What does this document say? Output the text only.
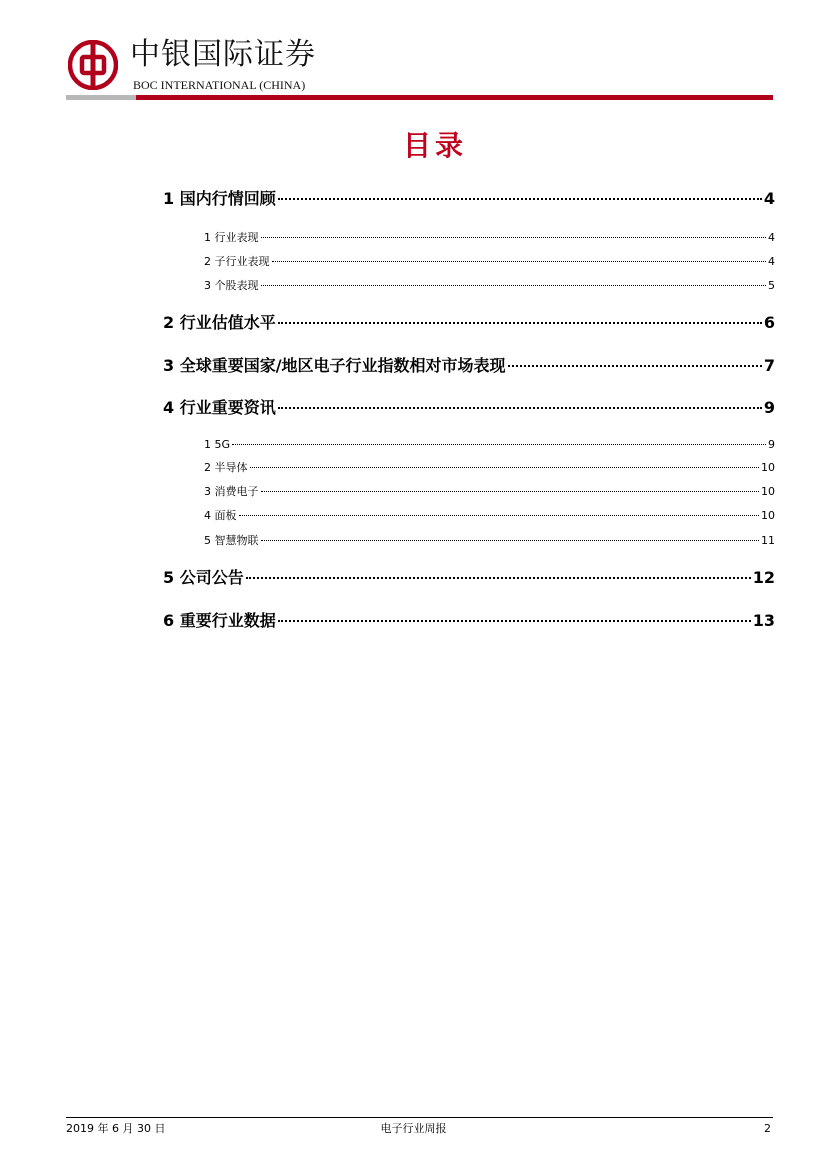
中银国际证券
BOC INTERNATIONAL (CHINA)
目录
1 国内行情回顾	4
1 行业表现	4
2 子行业表现	4
3 个股表现	5
2 行业估值水平	6
3 全球重要国家/地区电子行业指数相对市场表现	7
4 行业重要资讯	9
1 5G	9
2 半导体	10
3 消费电子	10
4 面板	10
5 智慧物联	11
5 公司公告	12
6 重要行业数据	13
2019 年 6 月 30 日	电子行业周报	2
